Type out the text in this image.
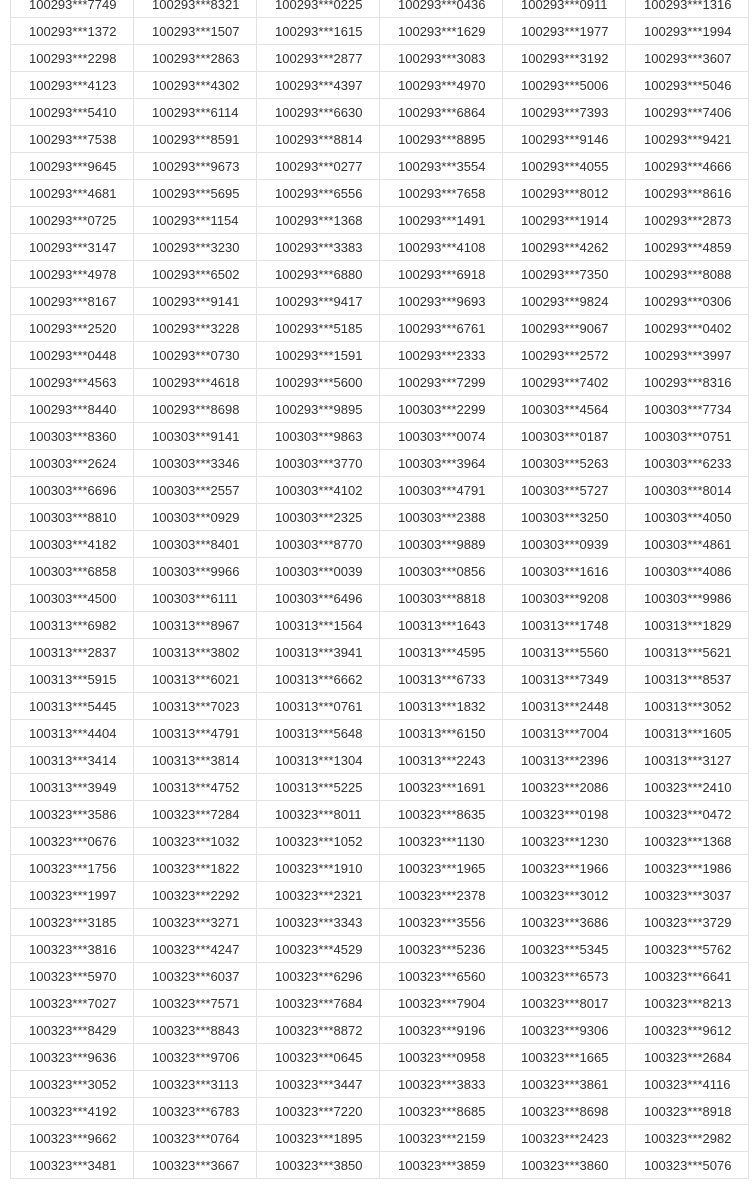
100293***7749	100293***8321	100293***0225	100293***0436	100293***0911	100293***1316
100293***1372	100293***1507	100293***1615	100293***1629	100293***1977	100293***1994
100293***2298	100293***2863	100293***2877	100293***3083	100293***3192	100293***3607
100293***4123	100293***4302	100293***4397	100293***4970	100293***5006	100293***5046
100293***5410	100293***6114	100293***6630	100293***6864	100293***7393	100293***7406
100293***7538	100293***8591	100293***8814	100293***8895	100293***9146	100293***9421
100293***9645	100293***9673	100293***0277	100293***3554	100293***4055	100293***4666
100293***4681	100293***5695	100293***6556	100293***7658	100293***8012	100293***8616
100293***0725	100293***1154	100293***1368	100293***1491	100293***1914	100293***2873
100293***3147	100293***3230	100293***3383	100293***4108	100293***4262	100293***4859
100293***4978	100293***6502	100293***6880	100293***6918	100293***7350	100293***8088
100293***8167	100293***9141	100293***9417	100293***9693	100293***9824	100293***0306
100293***2520	100293***3228	100293***5185	100293***6761	100293***9067	100293***0402
100293***0448	100293***0730	100293***1591	100293***2333	100293***2572	100293***3997
100293***4563	100293***4618	100293***5600	100293***7299	100293***7402	100293***8316
100293***8440	100293***8698	100293***9895	100303***2299	100303***4564	100303***7734
100303***8360	100303***9141	100303***9863	100303***0074	100303***0187	100303***0751
100303***2624	100303***3346	100303***3770	100303***3964	100303***5263	100303***6233
100303***6696	100303***2557	100303***4102	100303***4791	100303***5727	100303***8014
100303***8810	100303***0929	100303***2325	100303***2388	100303***3250	100303***4050
100303***4182	100303***8401	100303***8770	100303***9889	100303***0939	100303***4861
100303***6858	100303***9966	100303***0039	100303***0856	100303***1616	100303***4086
100303***4500	100303***6111	100303***6496	100303***8818	100303***9208	100303***9986
100313***6982	100313***8967	100313***1564	100313***1643	100313***1748	100313***1829
100313***2837	100313***3802	100313***3941	100313***4595	100313***5560	100313***5621
100313***5915	100313***6021	100313***6662	100313***6733	100313***7349	100313***8537
100313***5445	100313***7023	100313***0761	100313***1832	100313***2448	100313***3052
100313***4404	100313***4791	100313***5648	100313***6150	100313***7004	100313***1605
100313***3414	100313***3814	100313***1304	100313***2243	100313***2396	100313***3127
100313***3949	100313***4752	100313***5225	100323***1691	100323***2086	100323***2410
100323***3586	100323***7284	100323***8011	100323***8635	100323***0198	100323***0472
100323***0676	100323***1032	100323***1052	100323***1130	100323***1230	100323***1368
100323***1756	100323***1822	100323***1910	100323***1965	100323***1966	100323***1986
100323***1997	100323***2292	100323***2321	100323***2378	100323***3012	100323***3037
100323***3185	100323***3271	100323***3343	100323***3556	100323***3686	100323***3729
100323***3816	100323***4247	100323***4529	100323***5236	100323***5345	100323***5762
100323***5970	100323***6037	100323***6296	100323***6560	100323***6573	100323***6641
100323***7027	100323***7571	100323***7684	100323***7904	100323***8017	100323***8213
100323***8429	100323***8843	100323***8872	100323***9196	100323***9306	100323***9612
100323***9636	100323***9706	100323***0645	100323***0958	100323***1665	100323***2684
100323***3052	100323***3113	100323***3447	100323***3833	100323***3861	100323***4116
100323***4192	100323***6783	100323***7220	100323***8685	100323***8698	100323***8918
100323***9662	100323***0764	100323***1895	100323***2159	100323***2423	100323***2982
100323***3481	100323***3667	100323***3850	100323***3859	100323***3860	100323***5076
